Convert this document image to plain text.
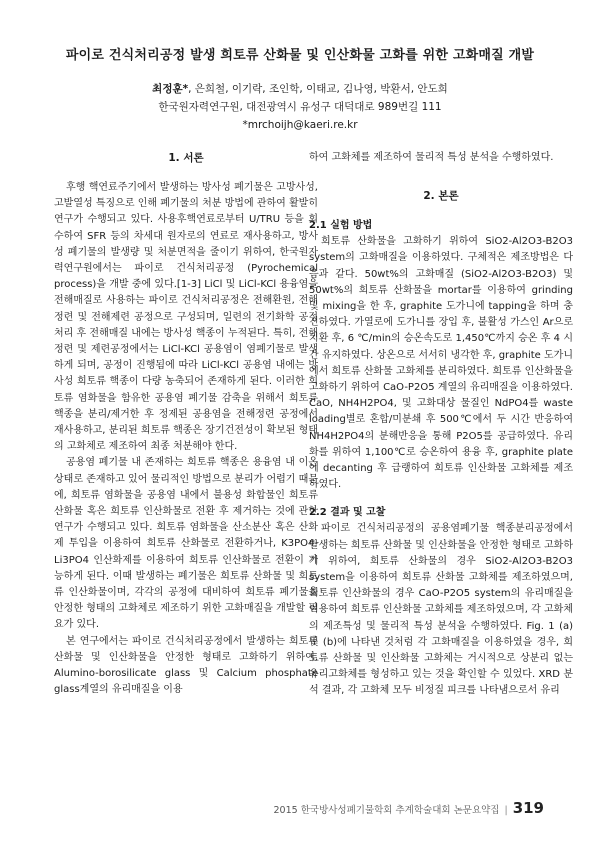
파이로 건식처리공정 발생 희토류 산화물 및 인산화물 고화를 위한 고화매질 개발
최정훈*, 은희철, 이기락, 조인학, 이태교, 김나영, 박환서, 안도희
한국원자력연구원, 대전광역시 유성구 대덕대로 989번길 111
*mrchoijh@kaeri.re.kr
1. 서론

후행 핵연료주기에서 발생하는 방사성 폐기물은 고방사성, 고발열성 특징으로 인해 폐기물의 처분 방법에 관하여 활발히 연구가 수행되고 있다. 사용후핵연료로부터 U/TRU 등을 회수하여 SFR 등의 차세대 원자로의 연료로 재사용하고, 방사성 폐기물의 발생량 및 처분면적을 줄이기 위하여, 한국원자력연구원에서는 파이로 건식처리공정 (Pyrochemical process)을 개발 중에 있다.[1-3] LiCl 및 LiCl-KCl 용융염을 전해매질로 사용하는 파이로 건식처리공정은 전해환원, 전해정련 및 전해제련 공정으로 구성되며, 일련의 전기화학 공정처리 후 전해매질 내에는 방사성 핵종이 누적된다. 특히, 전해정련 및 제련공정에서는 LiCl-KCl 공용염이 염폐기물로 발생하게 되며, 공정이 진행됨에 따라 LiCl-KCl 공용염 내에는 방사성 희토류 핵종이 다량 농축되어 존재하게 된다. 이러한 희토류 염화물을 함유한 공용염 폐기물 감축을 위해서 희토류 핵종을 분리/제거한 후 정제된 공용염을 전해정련 공정에서 재사용하고, 분리된 희토류 핵종은 장기건전성이 확보된 형태의 고화체로 제조하여 최종 처분해야 한다.

공용염 폐기물 내 존재하는 희토류 핵종은 용융염 내 이온상태로 존재하고 있어 물리적인 방법으로 분리가 어렵기 때문에, 희토류 염화물을 공용염 내에서 불용성 화합물인 희토류 산화물 혹은 희토류 인산화물로 전환 후 제거하는 것에 관한 연구가 수행되고 있다. 희토류 염화물을 산소분산 혹은 산화제 투입을 이용하여 희토류 산화물로 전환하거나, K3PO4-Li3PO4 인산화제를 이용하여 희토류 인산화물로 전환이 가능하게 된다. 이때 발생하는 폐기물은 희토류 산화물 및 희토류 인산화물이며, 각각의 공정에 대비하여 희토류 폐기물을 안정한 형태의 고화체로 제조하기 위한 고화매질을 개발할 필요가 있다.

본 연구에서는 파이로 건식처리공정에서 발생하는 희토류 산화물 및 인산화물을 안정한 형태로 고화하기 위하여, Alumino-borosilicate glass 및 Calcium phosphate glass계열의 유리매질을 이용

하여 고화체를 제조하여 물리적 특성 분석을 수행하였다.

2. 본론
2.1 실험 방법

희토류 산화물을 고화하기 위하여 SiO2-Al2O3-B2O3 system의 고화매질을 이용하였다. 구체적은 제조방법은 다음과 같다. 50wt%의 고화매질 (SiO2-Al2O3-B2O3) 및 50wt%의 희토류 산화물을 mortar를 이용하여 grinding 및 mixing을 한 후, graphite 도가니에 tapping을 하며 충진하였다. 가열로에 도가니를 장입 후, 불활성 가스인 Ar으로 치환 후, 6 ℃/min의 승온속도로 1,450℃까지 승온 후 4 시간 유지하였다. 상온으로 서서히 냉각한 후, graphite 도가니에서 희토류 산화물 고화체를 분리하였다. 희토류 인산화물을 고화하기 위하여 CaO-P2O5 계열의 유리매질을 이용하였다. CaO, NH4H2PO4, 및 고화대상 물질인 NdPO4를 waste loading별로 혼합/미분쇄 후 500℃에서 두 시간 반응하여 NH4H2PO4의 분해반응을 통해 P2O5를 공급하였다. 유리화를 위하여 1,100℃로 승온하여 용융 후, graphite plate에 decanting 후 급랭하여 희토류 인산화물 고화체를 제조하였다.

2.2 결과 및 고찰

파이로 건식처리공정의 공용염폐기물 핵종분리공정에서 발생하는 희토류 산화물 및 인산화물을 안정한 형태로 고화하기 위하여, 희토류 산화물의 경우 SiO2-Al2O3-B2O3 system을 이용하여 희토류 산화물 고화체를 제조하였으며, 희토류 인산화물의 경우 CaO-P2O5 system의 유리매질을 이용하여 희토류 인산화물 고화체를 제조하였으며, 각 고화체의 제조특성 및 물리적 특성 분석을 수행하였다. Fig. 1 (a) 및 (b)에 나타낸 것처럼 각 고화매질을 이용하였을 경우, 희토류 산화물 및 인산화물 고화체는 거시적으로 상분리 없는 유리고화체를 형성하고 있는 것을 확인할 수 있었다. XRD 분석 결과, 각 고화체 모두 비정질 피크를 나타냄으로서 유리

2015 한국방사성폐기물학회 추계학술대회 논문요약집 | 319
